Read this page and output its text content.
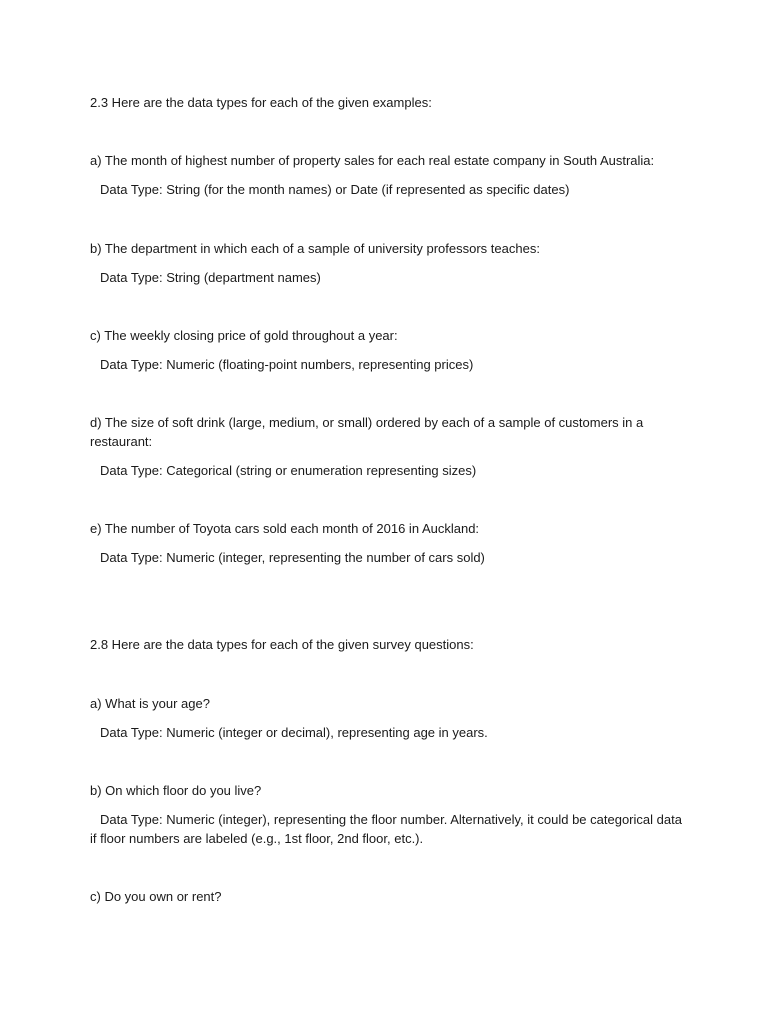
2.3 Here are the data types for each of the given examples:
a) The month of highest number of property sales for each real estate company in South Australia:
Data Type: String (for the month names) or Date (if represented as specific dates)
b) The department in which each of a sample of university professors teaches:
Data Type: String (department names)
c) The weekly closing price of gold throughout a year:
Data Type: Numeric (floating-point numbers, representing prices)
d) The size of soft drink (large, medium, or small) ordered by each of a sample of customers in a restaurant:
Data Type: Categorical (string or enumeration representing sizes)
e) The number of Toyota cars sold each month of 2016 in Auckland:
Data Type: Numeric (integer, representing the number of cars sold)
2.8 Here are the data types for each of the given survey questions:
a) What is your age?
Data Type: Numeric (integer or decimal), representing age in years.
b) On which floor do you live?
Data Type: Numeric (integer), representing the floor number. Alternatively, it could be categorical data if floor numbers are labeled (e.g., 1st floor, 2nd floor, etc.).
c) Do you own or rent?
